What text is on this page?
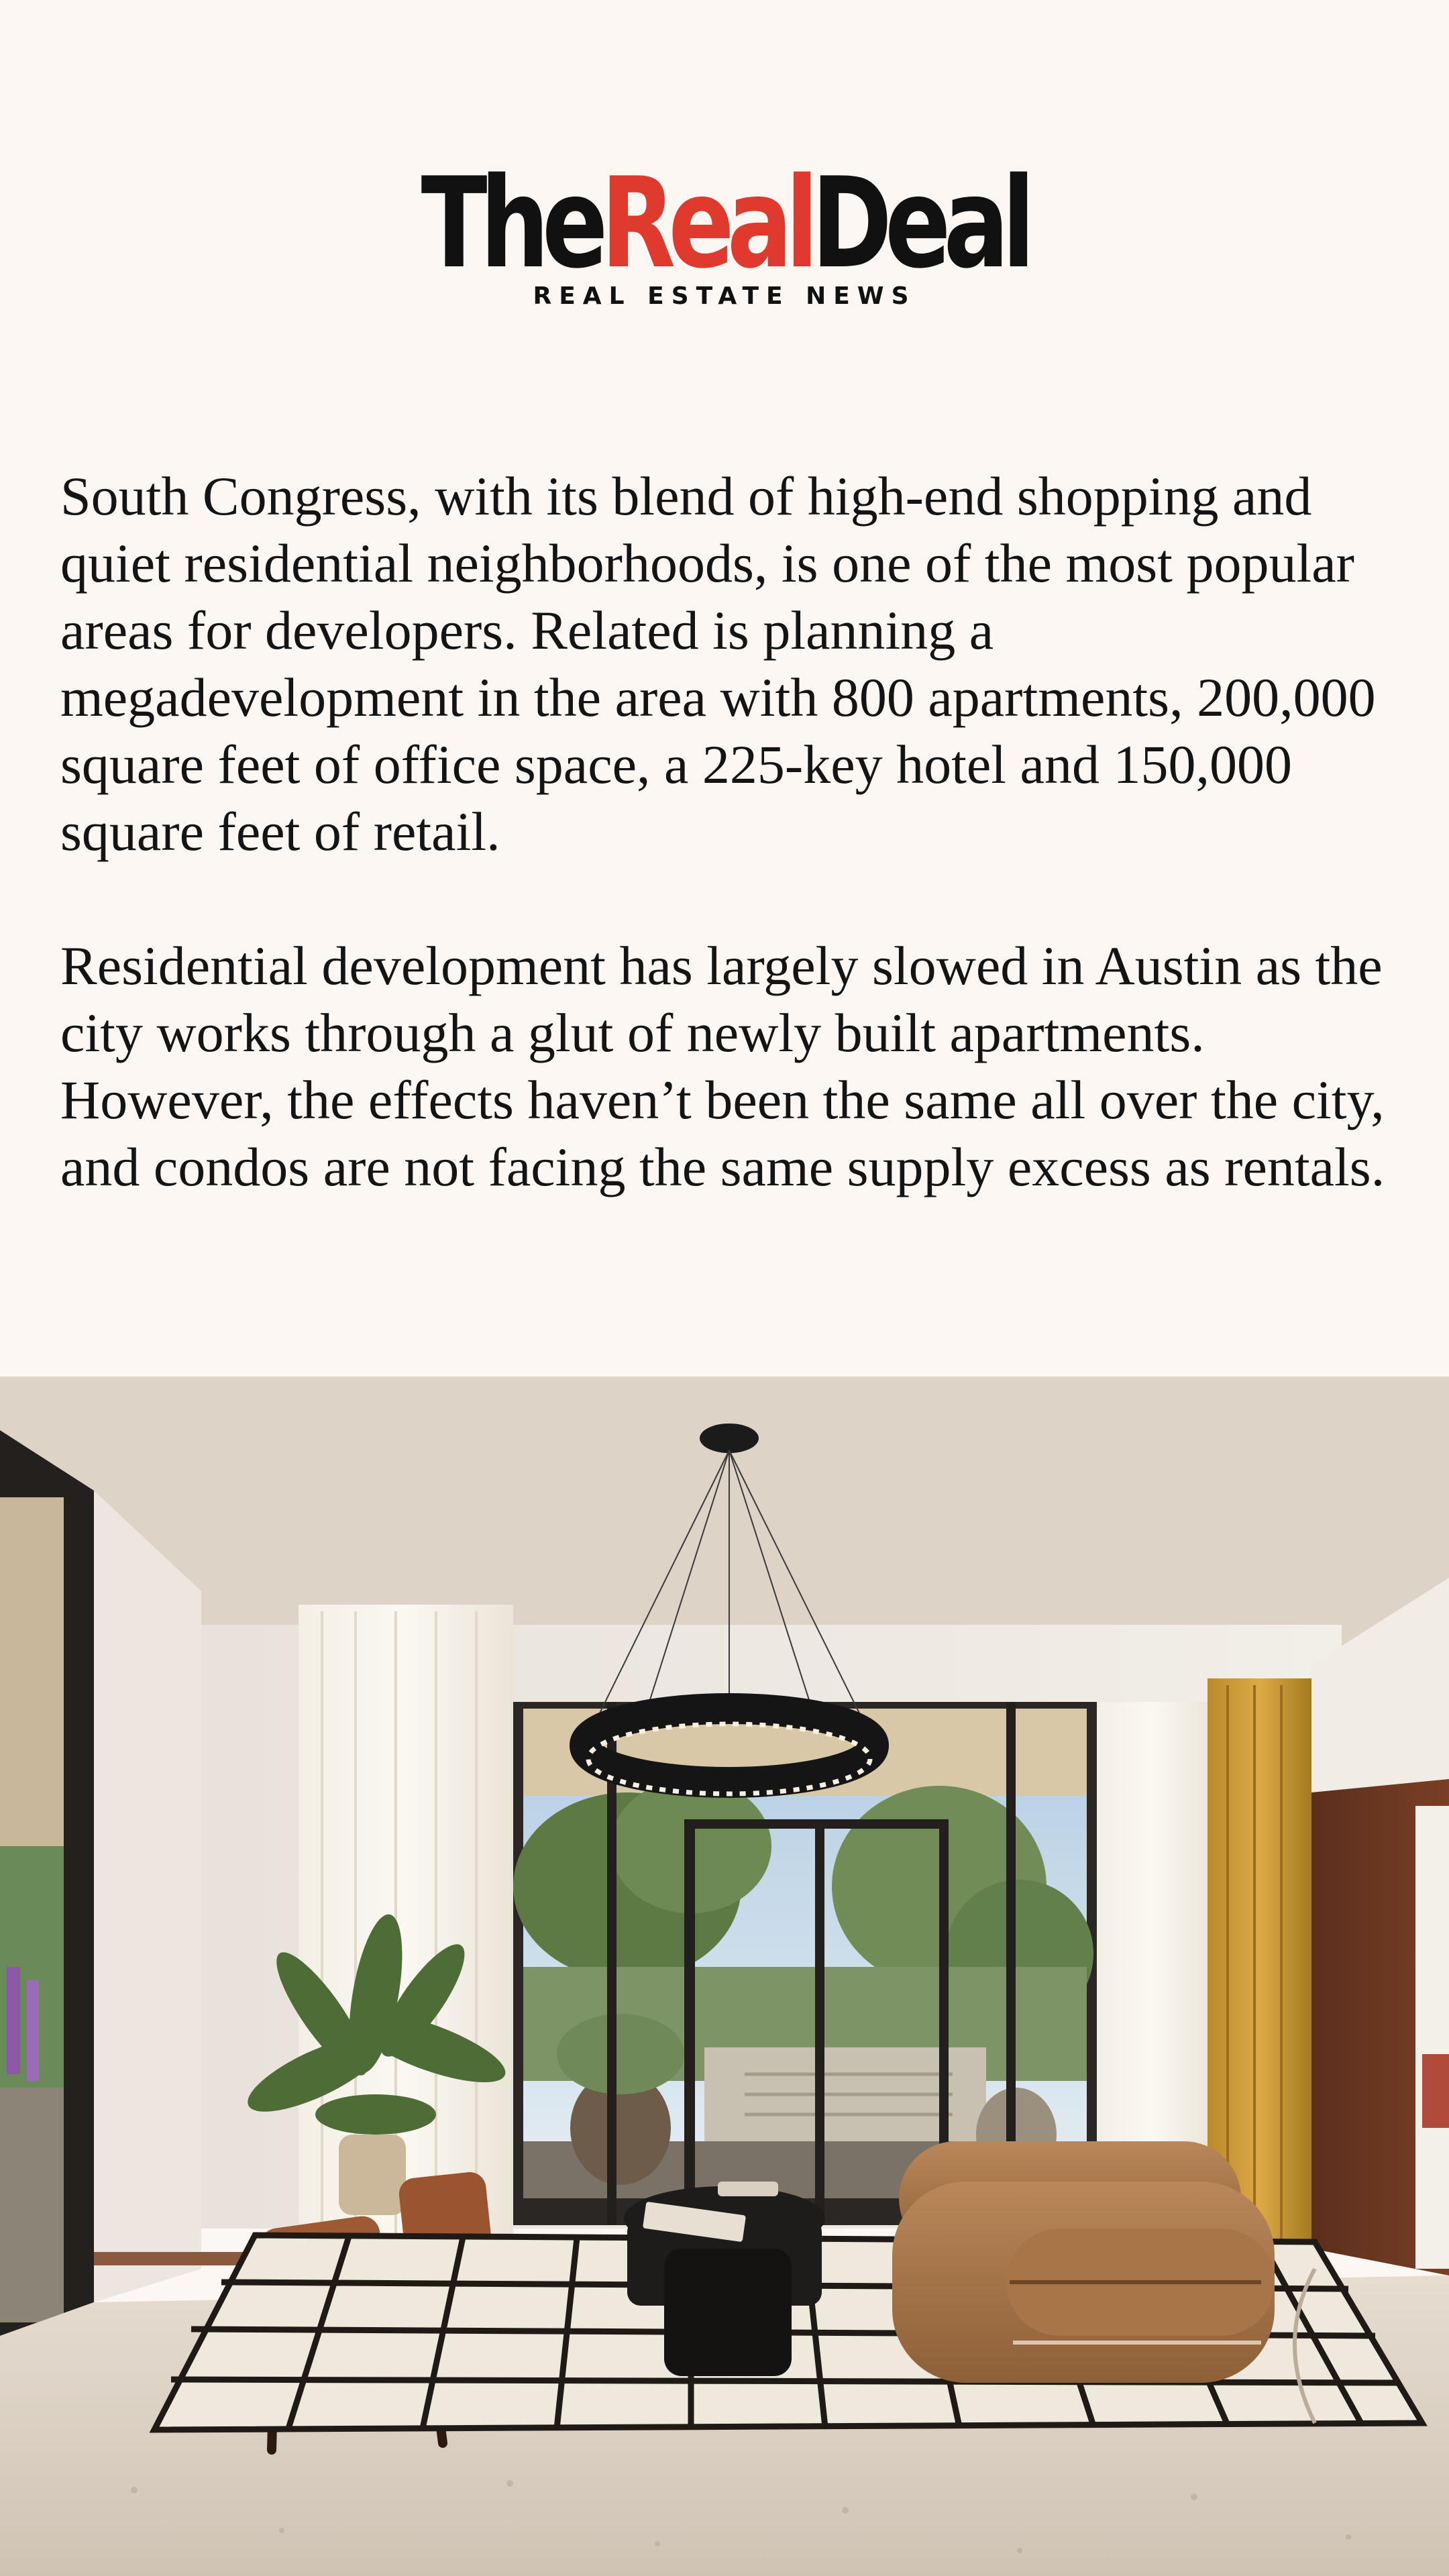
TheRealDeal
REAL ESTATE NEWS

South Congress, with its blend of high-end shopping and quiet residential neighborhoods, is one of the most popular areas for developers. Related is planning a megadevelopment in the area with 800 apartments, 200,000 square feet of office space, a 225-key hotel and 150,000 square feet of retail.

Residential development has largely slowed in Austin as the city works through a glut of newly built apartments. However, the effects haven’t been the same all over the city, and condos are not facing the same supply excess as rentals.
